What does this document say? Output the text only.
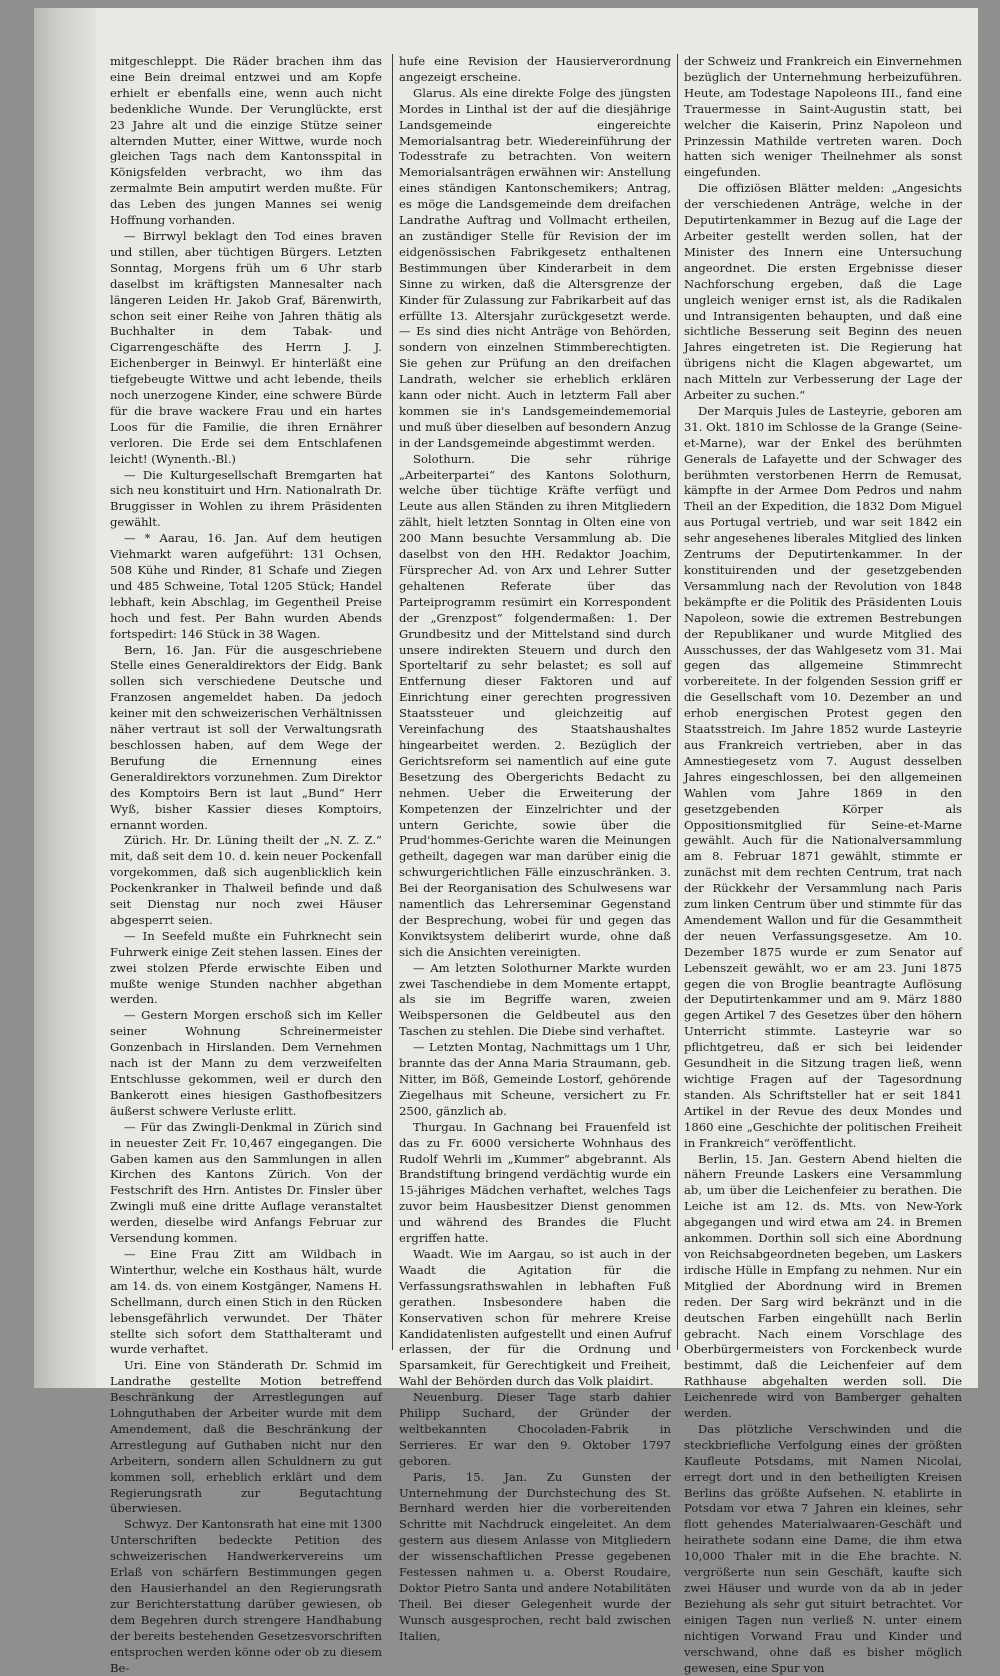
mitgeschleppt. Die Räder brachen ihm das eine Bein dreimal entzwei und am Kopfe erhielt er ebenfalls eine, wenn auch nicht bedenkliche Wunde. Der Verunglückte, erst 23 Jahre alt und die einzige Stütze seiner alternden Mutter, einer Wittwe, wurde noch gleichen Tags nach dem Kantonsspital in Königsfelden verbracht, wo ihm das zermalmte Bein amputirt werden mußte. Für das Leben des jungen Mannes sei wenig Hoffnung vorhanden.

— Birrwyl beklagt den Tod eines braven und stillen, aber tüchtigen Bürgers. Letzten Sonntag, Morgens früh um 6 Uhr starb daselbst im kräftigsten Mannesalter nach längeren Leiden Hr. Jakob Graf, Bärenwirth, schon seit einer Reihe von Jahren thätig als Buchhalter in dem Tabak- und Cigarrengeschäfte des Herrn J. J. Eichenberger in Beinwyl. Er hinterläßt eine tiefgebeugte Wittwe und acht lebende, theils noch unerzogene Kinder, eine schwere Bürde für die brave wackere Frau und ein hartes Loos für die Familie, die ihren Ernährer verloren. Die Erde sei dem Entschlafenen leicht! (Wynenth.-Bl.)

— Die Kulturgesellschaft Bremgarten hat sich neu konstituirt und Hrn. Nationalrath Dr. Bruggisser in Wohlen zu ihrem Präsidenten gewählt.

— * Aarau, 16. Jan. Auf dem heutigen Viehmarkt waren aufgeführt: 131 Ochsen, 508 Kühe und Rinder, 81 Schafe und Ziegen und 485 Schweine, Total 1205 Stück; Handel lebhaft, kein Abschlag, im Gegentheil Preise hoch und fest. Per Bahn wurden Abends fortspedirt: 146 Stück in 38 Wagen.

Bern, 16. Jan. Für die ausgeschriebene Stelle eines Generaldirektors der Eidg. Bank sollen sich verschiedene Deutsche und Franzosen angemeldet haben. Da jedoch keiner mit den schweizerischen Verhältnissen näher vertraut ist soll der Verwaltungsrath beschlossen haben, auf dem Wege der Berufung die Ernennung eines Generaldirektors vorzunehmen. Zum Direktor des Komptoirs Bern ist laut „Bund“ Herr Wyß, bisher Kassier dieses Komptoirs, ernannt worden.

Zürich. Hr. Dr. Lüning theilt der „N. Z. Z.“ mit, daß seit dem 10. d. kein neuer Pockenfall vorgekommen, daß sich augenblicklich kein Pockenkranker in Thalweil befinde und daß seit Dienstag nur noch zwei Häuser abgesperrt seien.

— In Seefeld mußte ein Fuhrknecht sein Fuhrwerk einige Zeit stehen lassen. Eines der zwei stolzen Pferde erwischte Eiben und mußte wenige Stunden nachher abgethan werden.

— Gestern Morgen erschoß sich im Keller seiner Wohnung Schreinermeister Gonzenbach in Hirslanden. Dem Vernehmen nach ist der Mann zu dem verzweifelten Entschlusse gekommen, weil er durch den Bankerott eines hiesigen Gasthofbesitzers äußerst schwere Verluste erlitt.

— Für das Zwingli-Denkmal in Zürich sind in neuester Zeit Fr. 10,467 eingegangen. Die Gaben kamen aus den Sammlungen in allen Kirchen des Kantons Zürich. Von der Festschrift des Hrn. Antistes Dr. Finsler über Zwingli muß eine dritte Auflage veranstaltet werden, dieselbe wird Anfangs Februar zur Versendung kommen.

— Eine Frau Zitt am Wildbach in Winterthur, welche ein Kosthaus hält, wurde am 14. ds. von einem Kostgänger, Namens H. Schellmann, durch einen Stich in den Rücken lebensgefährlich verwundet. Der Thäter stellte sich sofort dem Statthalteramt und wurde verhaftet.

Uri. Eine von Ständerath Dr. Schmid im Landrathe gestellte Motion betreffend Beschränkung der Arrestlegungen auf Lohnguthaben der Arbeiter wurde mit dem Amendement, daß die Beschränkung der Arrestlegung auf Guthaben nicht nur den Arbeitern, sondern allen Schuldnern zu gut kommen soll, erheblich erklärt und dem Regierungsrath zur Begutachtung überwiesen.

Schwyz. Der Kantonsrath hat eine mit 1300 Unterschriften bedeckte Petition des schweizerischen Handwerkervereins um Erlaß von schärfern Bestimmungen gegen den Hausierhandel an den Regierungsrath zur Berichterstattung darüber gewiesen, ob dem Begehren durch strengere Handhabung der bereits bestehenden Gesetzesvorschriften entsprochen werden könne oder ob zu diesem Be-

hufe eine Revision der Hausierverordnung angezeigt erscheine.

Glarus. Als eine direkte Folge des jüngsten Mordes in Linthal ist der auf die diesjährige Landsgemeinde eingereichte Memorialsantrag betr. Wiedereinführung der Todesstrafe zu betrachten. Von weitern Memorialsanträgen erwähnen wir: Anstellung eines ständigen Kantonschemikers; Antrag, es möge die Landsgemeinde dem dreifachen Landrathe Auftrag und Vollmacht ertheilen, an zuständiger Stelle für Revision der im eidgenössischen Fabrikgesetz enthaltenen Bestimmungen über Kinderarbeit in dem Sinne zu wirken, daß die Altersgrenze der Kinder für Zulassung zur Fabrikarbeit auf das erfüllte 13. Altersjahr zurückgesetzt werde. — Es sind dies nicht Anträge von Behörden, sondern von einzelnen Stimmberechtigten. Sie gehen zur Prüfung an den dreifachen Landrath, welcher sie erheblich erklären kann oder nicht. Auch in letzterm Fall aber kommen sie in's Landsgemeindememorial und muß über dieselben auf besondern Anzug in der Landsgemeinde abgestimmt werden.

Solothurn. Die sehr rührige „Arbeiterpartei“ des Kantons Solothurn, welche über tüchtige Kräfte verfügt und Leute aus allen Ständen zu ihren Mitgliedern zählt, hielt letzten Sonntag in Olten eine von 200 Mann besuchte Versammlung ab. Die daselbst von den HH. Redaktor Joachim, Fürsprecher Ad. von Arx und Lehrer Sutter gehaltenen Referate über das Parteiprogramm resümirt ein Korrespondent der „Grenzpost“ folgendermaßen: 1. Der Grundbesitz und der Mittelstand sind durch unsere indirekten Steuern und durch den Sporteltarif zu sehr belastet; es soll auf Entfernung dieser Faktoren und auf Einrichtung einer gerechten progressiven Staatssteuer und gleichzeitig auf Vereinfachung des Staatshaushaltes hingearbeitet werden. 2. Bezüglich der Gerichtsreform sei namentlich auf eine gute Besetzung des Obergerichts Bedacht zu nehmen. Ueber die Erweiterung der Kompetenzen der Einzelrichter und der untern Gerichte, sowie über die Prud'hommes-Gerichte waren die Meinungen getheilt, dagegen war man darüber einig die schwurgerichtlichen Fälle einzuschränken. 3. Bei der Reorganisation des Schulwesens war namentlich das Lehrerseminar Gegenstand der Besprechung, wobei für und gegen das Konviktsystem deliberirt wurde, ohne daß sich die Ansichten vereinigten.

— Am letzten Solothurner Markte wurden zwei Taschendiebe in dem Momente ertappt, als sie im Begriffe waren, zweien Weibspersonen die Geldbeutel aus den Taschen zu stehlen. Die Diebe sind verhaftet.

— Letzten Montag, Nachmittags um 1 Uhr, brannte das der Anna Maria Straumann, geb. Nitter, im Böß, Gemeinde Lostorf, gehörende Ziegelhaus mit Scheune, versichert zu Fr. 2500, gänzlich ab.

Thurgau. In Gachnang bei Frauenfeld ist das zu Fr. 6000 versicherte Wohnhaus des Rudolf Wehrli im „Kummer“ abgebrannt. Als Brandstiftung bringend verdächtig wurde ein 15-jähriges Mädchen verhaftet, welches Tags zuvor beim Hausbesitzer Dienst genommen und während des Brandes die Flucht ergriffen hatte.

Waadt. Wie im Aargau, so ist auch in der Waadt die Agitation für die Verfassungsrathswahlen in lebhaften Fuß gerathen. Insbesondere haben die Konservativen schon für mehrere Kreise Kandidatenlisten aufgestellt und einen Aufruf erlassen, der für die Ordnung und Sparsamkeit, für Gerechtigkeit und Freiheit, Wahl der Behörden durch das Volk plaidirt.

Neuenburg. Dieser Tage starb dahier Philipp Suchard, der Gründer der weltbekannten Chocoladen-Fabrik in Serrieres. Er war den 9. Oktober 1797 geboren.

Paris, 15. Jan. Zu Gunsten der Unternehmung der Durchstechung des St. Bernhard werden hier die vorbereitenden Schritte mit Nachdruck eingeleitet. An dem gestern aus diesem Anlasse von Mitgliedern der wissenschaftlichen Presse gegebenen Festessen nahmen u. a. Oberst Roudaire, Doktor Pietro Santa und andere Notabilitäten Theil. Bei dieser Gelegenheit wurde der Wunsch ausgesprochen, recht bald zwischen Italien,

der Schweiz und Frankreich ein Einvernehmen bezüglich der Unternehmung herbeizuführen. Heute, am Todestage Napoleons III., fand eine Trauermesse in Saint-Augustin statt, bei welcher die Kaiserin, Prinz Napoleon und Prinzessin Mathilde vertreten waren. Doch hatten sich weniger Theilnehmer als sonst eingefunden.

Die offiziösen Blätter melden: „Angesichts der verschiedenen Anträge, welche in der Deputirtenkammer in Bezug auf die Lage der Arbeiter gestellt werden sollen, hat der Minister des Innern eine Untersuchung angeordnet. Die ersten Ergebnisse dieser Nachforschung ergeben, daß die Lage ungleich weniger ernst ist, als die Radikalen und Intransigenten behaupten, und daß eine sichtliche Besserung seit Beginn des neuen Jahres eingetreten ist. Die Regierung hat übrigens nicht die Klagen abgewartet, um nach Mitteln zur Verbesserung der Lage der Arbeiter zu suchen.“

Der Marquis Jules de Lasteyrie, geboren am 31. Okt. 1810 im Schlosse de la Grange (Seine-et-Marne), war der Enkel des berühmten Generals de Lafayette und der Schwager des berühmten verstorbenen Herrn de Remusat, kämpfte in der Armee Dom Pedros und nahm Theil an der Expedition, die 1832 Dom Miguel aus Portugal vertrieb, und war seit 1842 ein sehr angesehenes liberales Mitglied des linken Zentrums der Deputirtenkammer. In der konstituirenden und der gesetzgebenden Versammlung nach der Revolution von 1848 bekämpfte er die Politik des Präsidenten Louis Napoleon, sowie die extremen Bestrebungen der Republikaner und wurde Mitglied des Ausschusses, der das Wahlgesetz vom 31. Mai gegen das allgemeine Stimmrecht vorbereitete. In der folgenden Session griff er die Gesellschaft vom 10. Dezember an und erhob energischen Protest gegen den Staatsstreich. Im Jahre 1852 wurde Lasteyrie aus Frankreich vertrieben, aber in das Amnestiegesetz vom 7. August desselben Jahres eingeschlossen, bei den allgemeinen Wahlen vom Jahre 1869 in den gesetzgebenden Körper als Oppositionsmitglied für Seine-et-Marne gewählt. Auch für die Nationalversammlung am 8. Februar 1871 gewählt, stimmte er zunächst mit dem rechten Centrum, trat nach der Rückkehr der Versammlung nach Paris zum linken Centrum über und stimmte für das Amendement Wallon und für die Gesammtheit der neuen Verfassungsgesetze. Am 10. Dezember 1875 wurde er zum Senator auf Lebenszeit gewählt, wo er am 23. Juni 1875 gegen die von Broglie beantragte Auflösung der Deputirtenkammer und am 9. März 1880 gegen Artikel 7 des Gesetzes über den höhern Unterricht stimmte. Lasteyrie war so pflichtgetreu, daß er sich bei leidender Gesundheit in die Sitzung tragen ließ, wenn wichtige Fragen auf der Tagesordnung standen. Als Schriftsteller hat er seit 1841 Artikel in der Revue des deux Mondes und 1860 eine „Geschichte der politischen Freiheit in Frankreich“ veröffentlicht.

Berlin, 15. Jan. Gestern Abend hielten die nähern Freunde Laskers eine Versammlung ab, um über die Leichenfeier zu berathen. Die Leiche ist am 12. ds. Mts. von New-York abgegangen und wird etwa am 24. in Bremen ankommen. Dorthin soll sich eine Abordnung von Reichsabgeordneten begeben, um Laskers irdische Hülle in Empfang zu nehmen. Nur ein Mitglied der Abordnung wird in Bremen reden. Der Sarg wird bekränzt und in die deutschen Farben eingehüllt nach Berlin gebracht. Nach einem Vorschlage des Oberbürgermeisters von Forckenbeck wurde bestimmt, daß die Leichenfeier auf dem Rathhause abgehalten werden soll. Die Leichenrede wird von Bamberger gehalten werden.

Das plötzliche Verschwinden und die steckbriefliche Verfolgung eines der größten Kaufleute Potsdams, mit Namen Nicolai, erregt dort und in den betheiligten Kreisen Berlins das größte Aufsehen. N. etablirte in Potsdam vor etwa 7 Jahren ein kleines, sehr flott gehendes Materialwaaren-Geschäft und heirathete sodann eine Dame, die ihm etwa 10,000 Thaler mit in die Ehe brachte. N. vergrößerte nun sein Geschäft, kaufte sich zwei Häuser und wurde von da ab in jeder Beziehung als sehr gut situirt betrachtet. Vor einigen Tagen nun verließ N. unter einem nichtigen Vorwand Frau und Kinder und verschwand, ohne daß es bisher möglich gewesen, eine Spur von
